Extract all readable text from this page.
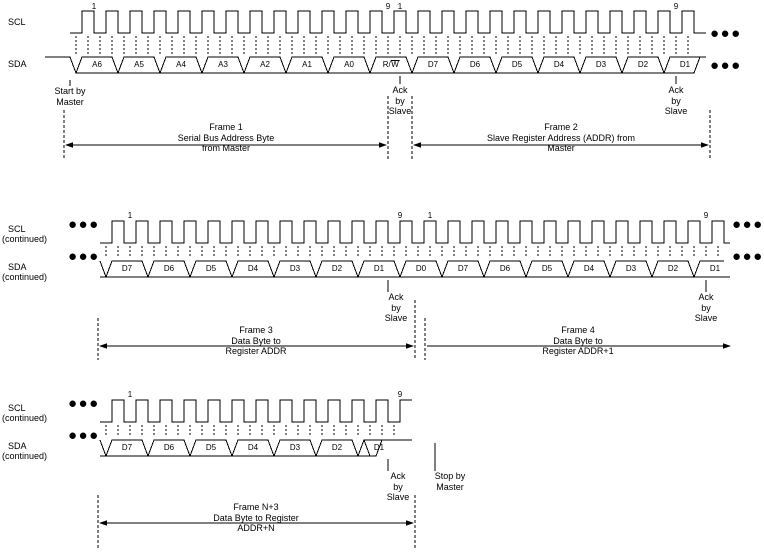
SCL
SDA
1	9 1	9
A6	A5	A4	A3	A2	A1	A0	R/W	D7	D6	D5	D4	D3	D2	D1
●●●
●●●
Start by
Master
Ack
by
Slave
Ack
by
Slave
Frame 1
Serial Bus Address Byte
from Master
Frame 2
Slave Register Address (ADDR) from
Master
SCL
(continued)
SDA
(continued)
●●●
●●●
●●●
●●●
1	9	1	9
D7	D6	D5	D4	D3	D2	D1	D0	D7	D6	D5	D4	D3	D2	D1
Ack
by
Slave
Ack
by
Slave
Frame 3
Data Byte to
Register ADDR
Frame 4
Data Byte to
Register ADDR+1
SCL
(continued)
SDA
(continued)
●●●
●●●
1	9
D7	D6	D5	D4	D3	D2	D1
Ack
by
Slave
Stop by
Master
Frame N+3
Data Byte to Register
ADDR+N
